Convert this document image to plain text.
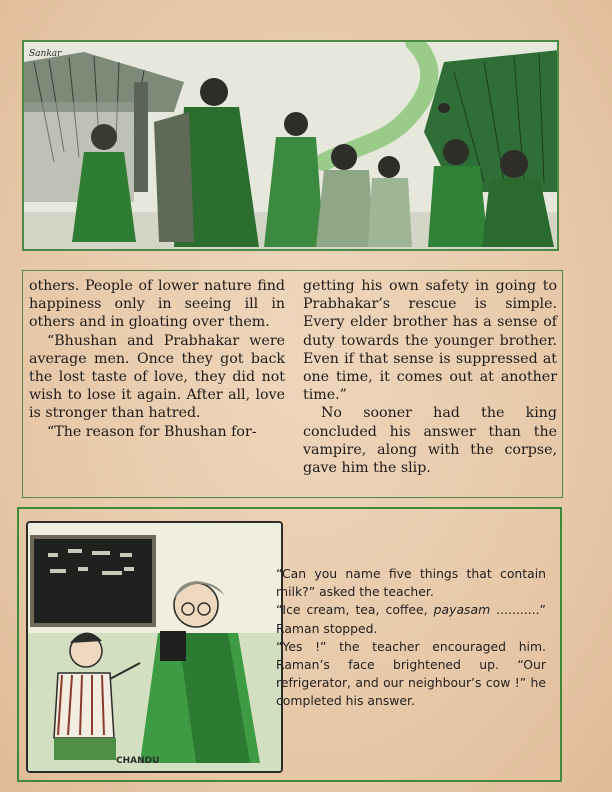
Sankar

others. People of lower nature find happiness only in seeing ill in others and in gloating over them.

“Bhushan and Prabhakar were average men. Once they got back the lost taste of love, they did not wish to lose it again. After all, love is stronger than hatred.

“The reason for Bhushan for-

getting his own safety in going to Prabhakar’s rescue is simple. Every elder brother has a sense of duty towards the younger brother. Even if that sense is suppressed at one time, it comes out at another time.”

No sooner had the king concluded his answer than the vampire, along with the corpse, gave him the slip.

CHANDU

“Can you name five things that contain milk?” asked the teacher.

“Ice cream, tea, coffee, payasam ...........” Raman stopped.

“Yes !” the teacher encouraged him. Raman’s face brightened up. “Our refrigerator, and our neighbour’s cow !” he completed his answer.
